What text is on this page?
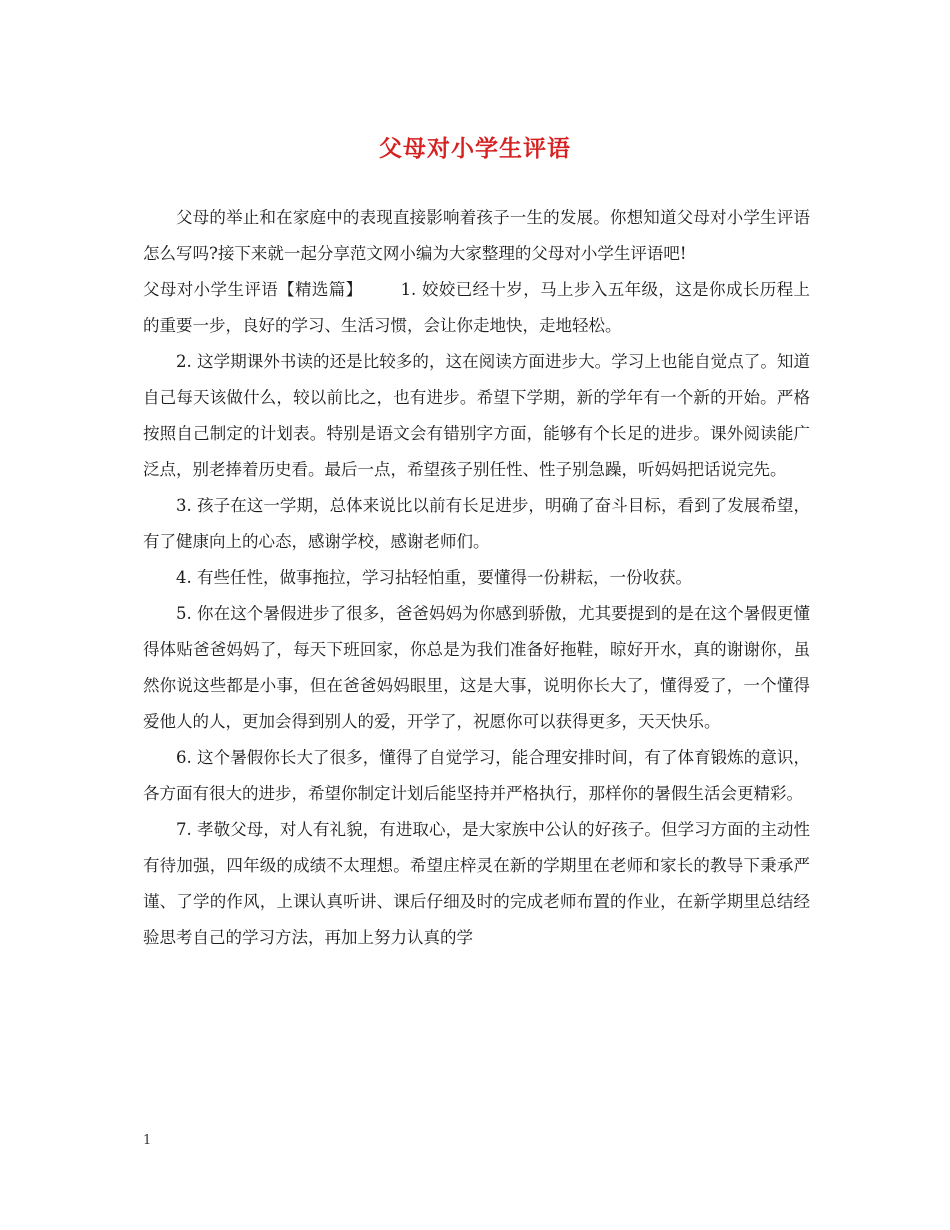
父母对小学生评语

父母的举止和在家庭中的表现直接影响着孩子一生的发展。你想知道父母对小学生评语怎么写吗?接下来就一起分享范文网小编为大家整理的父母对小学生评语吧!

父母对小学生评语【精选篇】 1. 姣姣已经十岁，马上步入五年级，这是你成长历程上的重要一步，良好的学习、生活习惯，会让你走地快，走地轻松。

2. 这学期课外书读的还是比较多的，这在阅读方面进步大。学习上也能自觉点了。知道自己每天该做什么，较以前比之，也有进步。希望下学期，新的学年有一个新的开始。严格按照自己制定的计划表。特别是语文会有错别字方面，能够有个长足的进步。课外阅读能广泛点，别老捧着历史看。最后一点，希望孩子别任性、性子别急躁，听妈妈把话说完先。

3. 孩子在这一学期，总体来说比以前有长足进步，明确了奋斗目标，看到了发展希望，有了健康向上的心态，感谢学校，感谢老师们。

4. 有些任性，做事拖拉，学习拈轻怕重，要懂得一份耕耘，一份收获。

5. 你在这个暑假进步了很多，爸爸妈妈为你感到骄傲，尤其要提到的是在这个暑假更懂得体贴爸爸妈妈了，每天下班回家，你总是为我们准备好拖鞋，晾好开水，真的谢谢你，虽然你说这些都是小事，但在爸爸妈妈眼里，这是大事，说明你长大了，懂得爱了，一个懂得爱他人的人，更加会得到别人的爱，开学了，祝愿你可以获得更多，天天快乐。

6. 这个暑假你长大了很多，懂得了自觉学习，能合理安排时间，有了体育锻炼的意识，各方面有很大的进步，希望你制定计划后能坚持并严格执行，那样你的暑假生活会更精彩。

7. 孝敬父母，对人有礼貌，有进取心，是大家族中公认的好孩子。但学习方面的主动性有待加强，四年级的成绩不太理想。希望庄梓灵在新的学期里在老师和家长的教导下秉承严谨、了学的作风，上课认真听讲、课后仔细及时的完成老师布置的作业，在新学期里总结经验思考自己的学习方法，再加上努力认真的学

1
